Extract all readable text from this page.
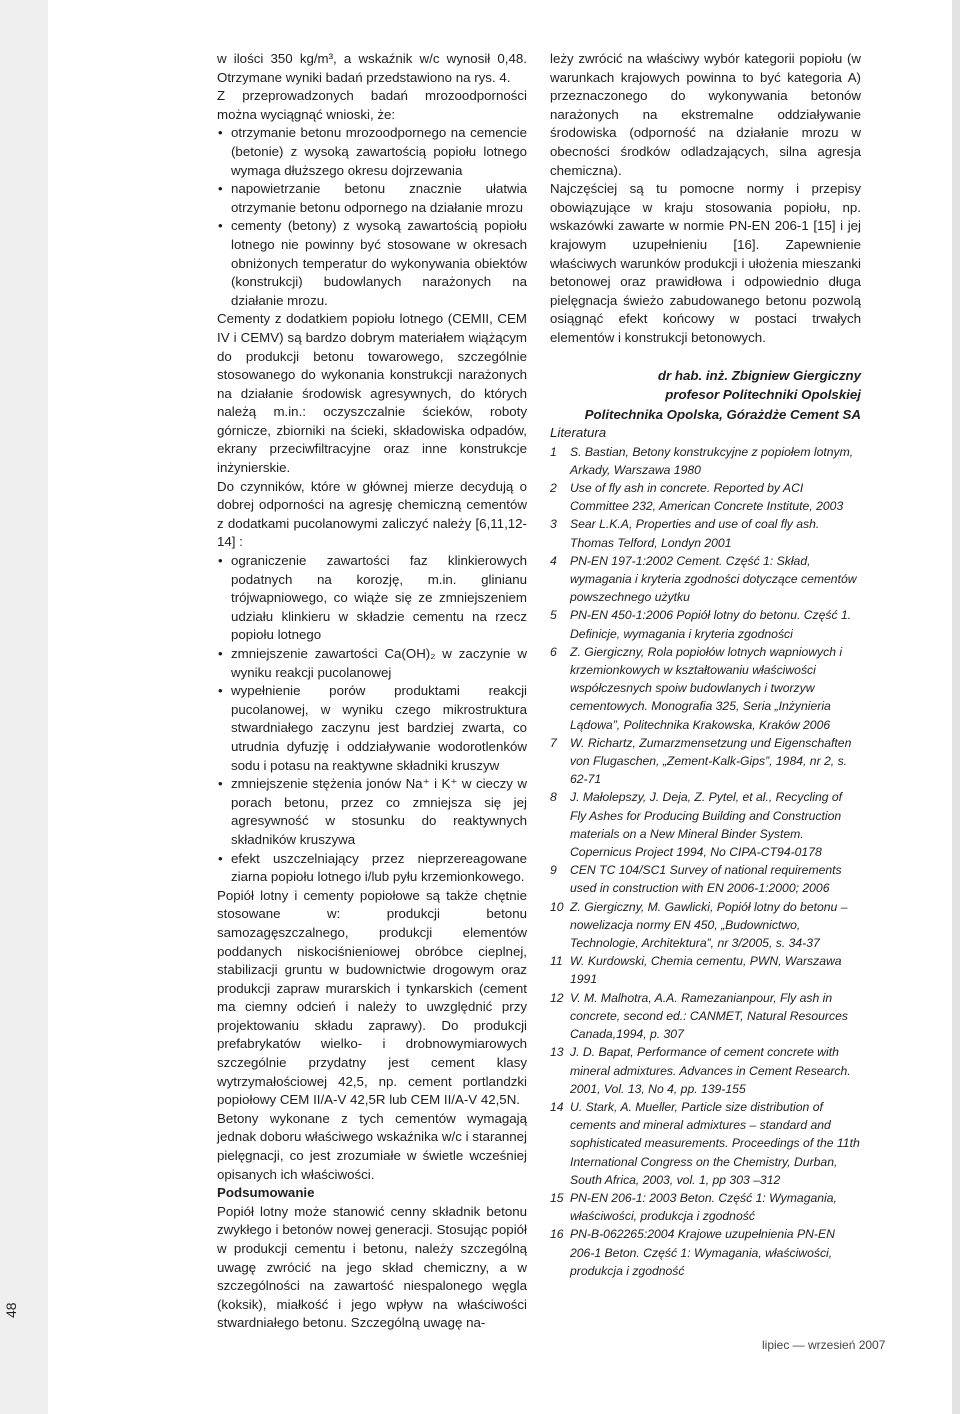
48

w ilości 350 kg/m³, a wskaźnik w/c wynosił 0,48. Otrzymane wyniki badań przedstawiono na rys. 4.

Z przeprowadzonych badań mrozoodporności można wyciągnąć wnioski, że:

• otrzymanie betonu mrozoodpornego na cemencie (betonie) z wysoką zawartością popiołu lotnego wymaga dłuższego okresu dojrzewania
• napowietrzanie betonu znacznie ułatwia otrzymanie betonu odpornego na działanie mrozu
• cementy (betony) z wysoką zawartością popiołu lotnego nie powinny być stosowane w okresach obniżonych temperatur do wykonywania obiektów (konstrukcji) budowlanych narażonych na działanie mrozu.

Cementy z dodatkiem popiołu lotnego (CEMII, CEM IV i CEMV) są bardzo dobrym materiałem wiążącym do produkcji betonu towarowego, szczególnie stosowanego do wykonania konstrukcji narażonych na działanie środowisk agresywnych, do których należą m.in.: oczyszczalnie ścieków, roboty górnicze, zbiorniki na ścieki, składowiska odpadów, ekrany przeciwfiltracyjne oraz inne konstrukcje inżynierskie.

Do czynników, które w głównej mierze decydują o dobrej odporności na agresję chemiczną cementów z dodatkami pucolanowymi zaliczyć należy [6,11,12-14] :

• ograniczenie zawartości faz klinkierowych podatnych na korozję, m.in. glinianu trójwapniowego, co wiąże się ze zmniejszeniem udziału klinkieru w składzie cementu na rzecz popiołu lotnego
• zmniejszenie zawartości Ca(OH)₂ w zaczynie w wyniku reakcji pucolanowej
• wypełnienie porów produktami reakcji pucolanowej, w wyniku czego mikrostruktura stwardniałego zaczynu jest bardziej zwarta, co utrudnia dyfuzję i oddziaływanie wodorotlenków sodu i potasu na reaktywne składniki kruszyw
• zmniejszenie stężenia jonów Na⁺ i K⁺ w cieczy w porach betonu, przez co zmniejsza się jej agresywność w stosunku do reaktywnych składników kruszywa
• efekt uszczelniający przez nieprzereagowane ziarna popiołu lotnego i/lub pyłu krzemionkowego.

Popiół lotny i cementy popiołowe są także chętnie stosowane w: produkcji betonu samozagęszczalnego, produkcji elementów poddanych niskociśnieniowej obróbce cieplnej, stabilizacji gruntu w budownictwie drogowym oraz produkcji zapraw murarskich i tynkarskich (cement ma ciemny odcień i należy to uwzględnić przy projektowaniu składu zaprawy). Do produkcji prefabrykatów wielko- i drobnowymiarowych szczególnie przydatny jest cement klasy wytrzymałościowej 42,5, np. cement portlandzki popiołowy CEM II/A-V 42,5R lub CEM II/A-V 42,5N.

Betony wykonane z tych cementów wymagają jednak doboru właściwego wskaźnika w/c i starannej pielęgnacji, co jest zrozumiałe w świetle wcześniej opisanych ich właściwości.

Podsumowanie

Popiół lotny może stanowić cenny składnik betonu zwykłego i betonów nowej generacji. Stosując popiół w produkcji cementu i betonu, należy szczególną uwagę zwrócić na jego skład chemiczny, a w szczególności na zawartość niespalonego węgla (koksik), miałkość i jego wpływ na właściwości stwardniałego betonu. Szczególną uwagę na-

leży zwrócić na właściwy wybór kategorii popiołu (w warunkach krajowych powinna to być kategoria A) przeznaczonego do wykonywania betonów narażonych na ekstremalne oddziaływanie środowiska (odporność na działanie mrozu w obecności środków odladzających, silna agresja chemiczna).

Najczęściej są tu pomocne normy i przepisy obowiązujące w kraju stosowania popiołu, np. wskazówki zawarte w normie PN-EN 206-1 [15] i jej krajowym uzupełnieniu [16]. Zapewnienie właściwych warunków produkcji i ułożenia mieszanki betonowej oraz prawidłowa i odpowiednio długa pielęgnacja świeżo zabudowanego betonu pozwolą osiągnąć efekt końcowy w postaci trwałych elementów i konstrukcji betonowych.

dr hab. inż. Zbigniew Giergiczny
profesor Politechniki Opolskiej
Politechnika Opolska, Górażdże Cement SA

Literatura

1 S. Bastian, Betony konstrukcyjne z popiołem lotnym, Arkady, Warszawa 1980
2 Use of fly ash in concrete. Reported by ACI Committee 232, American Concrete Institute, 2003
3 Sear L.K.A, Properties and use of coal fly ash. Thomas Telford, Londyn 2001
4 PN-EN 197-1:2002 Cement. Część 1: Skład, wymagania i kryteria zgodności dotyczące cementów powszechnego użytku
5 PN-EN 450-1:2006 Popiół lotny do betonu. Część 1. Definicje, wymagania i kryteria zgodności
6 Z. Giergiczny, Rola popiołów lotnych wapniowych i krzemionkowych w kształtowaniu właściwości współczesnych spoiw budowlanych i tworzyw cementowych. Monografia 325, Seria „Inżynieria Lądowa”, Politechnika Krakowska, Kraków 2006
7 W. Richartz, Zumarzmensetzung und Eigenschaften von Flugaschen, „Zement-Kalk-Gips”, 1984, nr 2, s. 62-71
8 J. Małolepszy, J. Deja, Z. Pytel, et al., Recycling of Fly Ashes for Producing Building and Construction materials on a New Mineral Binder System. Copernicus Project 1994, No CIPA-CT94-0178
9 CEN TC 104/SC1 Survey of national requirements used in construction with EN 2006-1:2000; 2006
10 Z. Giergiczny, M. Gawlicki, Popiół lotny do betonu – nowelizacja normy EN 450, „Budownictwo, Technologie, Architektura”, nr 3/2005, s. 34-37
11 W. Kurdowski, Chemia cementu, PWN, Warszawa 1991
12 V. M. Malhotra, A.A. Ramezanianpour, Fly ash in concrete, second ed.: CANMET, Natural Resources Canada,1994, p. 307
13 J. D. Bapat, Performance of cement concrete with mineral admixtures. Advances in Cement Research. 2001, Vol. 13, No 4, pp. 139-155
14 U. Stark, A. Mueller, Particle size distribution of cements and mineral admixtures – standard and sophisticated measurements. Proceedings of the 11th International Congress on the Chemistry, Durban, South Africa, 2003, vol. 1, pp 303 –312
15 PN-EN 206-1: 2003 Beton. Część 1: Wymagania, właściwości, produkcja i zgodność
16 PN-B-062265:2004 Krajowe uzupełnienia PN-EN 206-1 Beton. Część 1: Wymagania, właściwości, produkcja i zgodność
lipiec — wrzesień 2007
